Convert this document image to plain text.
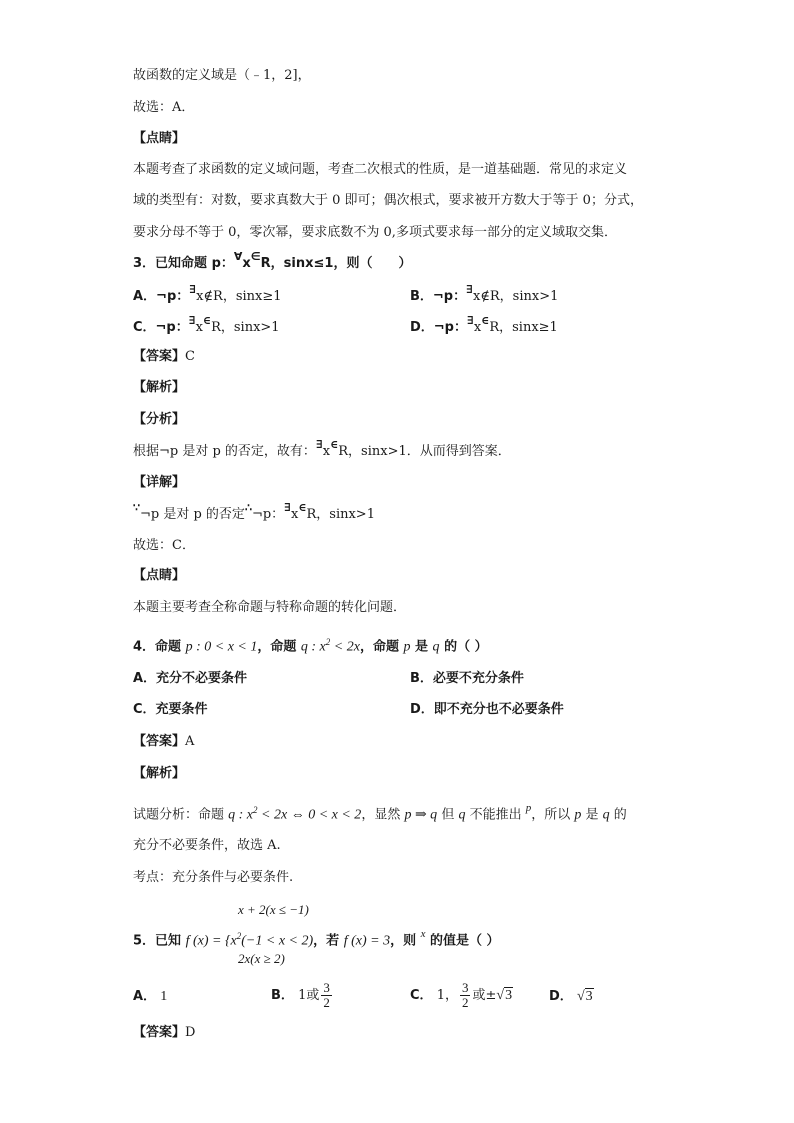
故函数的定义域是（﹣1，2]，
故选：A．
【点睛】
本题考查了求函数的定义域问题，考查二次根式的性质，是一道基础题．常见的求定义
域的类型有：对数，要求真数大于 0 即可；偶次根式，要求被开方数大于等于 0；分式，
要求分母不等于 0，零次幂，要求底数不为 0,多项式要求每一部分的定义域取交集．
3．已知命题 p：∀x∈R，sinx≤1，则（　　）
A．¬p：∃x∉R，sinx≥1	B．¬p：∃x∉R，sinx>1
C．¬p：∃x∈R，sinx>1	D．¬p：∃x∈R，sinx≥1
【答案】C
【解析】
【分析】
根据¬p 是对 p 的否定，故有：∃x∈R，sinx>1．从而得到答案．
【详解】
∵¬p 是对 p 的否定∴¬p：∃x∈R，sinx>1
故选：C．
【点睛】
本题主要考查全称命题与特称命题的转化问题．
4．命题 p : 0 < x < 1，命题 q : $x^2 < 2x$，命题 p 是 q 的（ ）
A．充分不必要条件	B．必要不充分条件
C．充要条件	D．即不充分也不必要条件
【答案】A
【解析】
试题分析：命题 q : $x^2 < 2x$ ⇔ 0 < x < 2，显然 p ⇒ q 但 q 不能推出 $^p$，所以 p 是 q 的
充分不必要条件，故选 A.
考点：充分条件与必要条件.
x + 2(x ≤ −1)
5．已知 f $(x) = \{x^2(-1 < x < 2)$，若 f (x) = 3，则 $^x$ 的值是（ ）
2x(x ≥ 2)
A． 1	B． 1或 $\frac{3}{2}$	C． 1， $\frac{3}{2}$ 或±√3	D． √3
【答案】D
